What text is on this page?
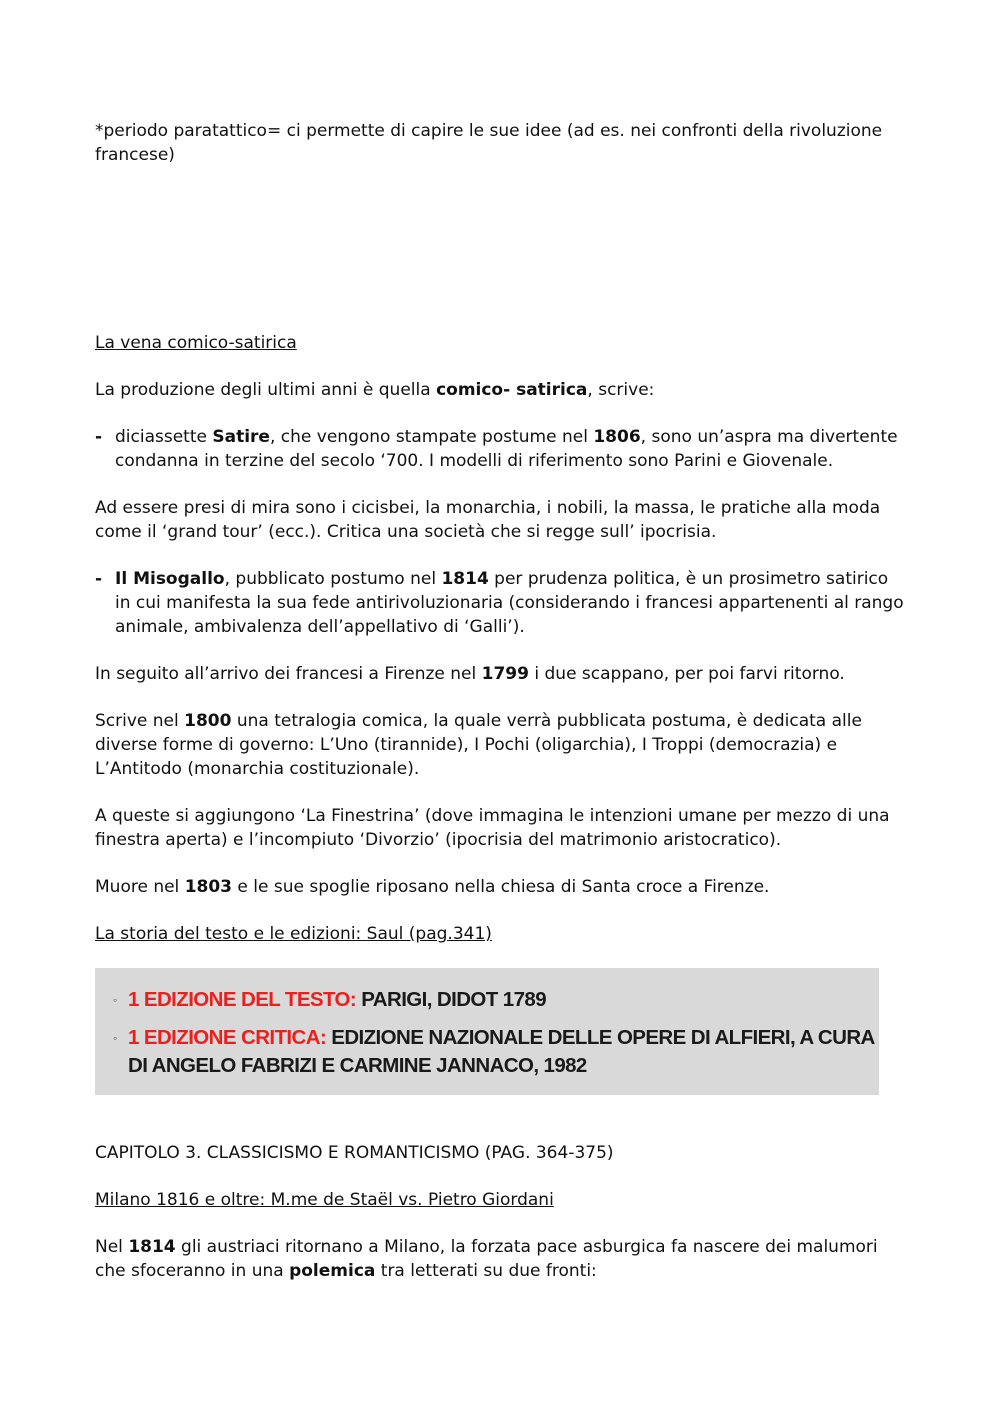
*periodo paratattico= ci permette di capire le sue idee (ad es. nei confronti della rivoluzione francese)

La vena comico-satirica

La produzione degli ultimi anni è quella comico- satirica, scrive:

- diciassette Satire, che vengono stampate postume nel 1806, sono un’aspra ma divertente condanna in terzine del secolo ‘700. I modelli di riferimento sono Parini e Giovenale.

Ad essere presi di mira sono i cicisbei, la monarchia, i nobili, la massa, le pratiche alla moda come il ‘grand tour’ (ecc.). Critica una società che si regge sull’ ipocrisia.

- Il Misogallo, pubblicato postumo nel 1814 per prudenza politica, è un prosimetro satirico in cui manifesta la sua fede antirivoluzionaria (considerando i francesi appartenenti al rango animale, ambivalenza dell’appellativo di ‘Galli’).

In seguito all’arrivo dei francesi a Firenze nel 1799 i due scappano, per poi farvi ritorno.

Scrive nel 1800 una tetralogia comica, la quale verrà pubblicata postuma, è dedicata alle diverse forme di governo: L’Uno (tirannide), I Pochi (oligarchia), I Troppi (democrazia) e L’Antitodo (monarchia costituzionale).

A queste si aggiungono ‘La Finestrina’ (dove immagina le intenzioni umane per mezzo di una finestra aperta) e l’incompiuto ‘Divorzio’ (ipocrisia del matrimonio aristocratico).

Muore nel 1803 e le sue spoglie riposano nella chiesa di Santa croce a Firenze.

La storia del testo e le edizioni: Saul (pag.341)

◦ 1 EDIZIONE DEL TESTO: PARIGI, DIDOT 1789
◦ 1 EDIZIONE CRITICA: EDIZIONE NAZIONALE DELLE OPERE DI ALFIERI, A CURA DI ANGELO FABRIZI E CARMINE JANNACO, 1982

CAPITOLO 3. CLASSICISMO E ROMANTICISMO (PAG. 364-375)

Milano 1816 e oltre: M.me de Staël vs. Pietro Giordani

Nel 1814 gli austriaci ritornano a Milano, la forzata pace asburgica fa nascere dei malumori che sfoceranno in una polemica tra letterati su due fronti:
